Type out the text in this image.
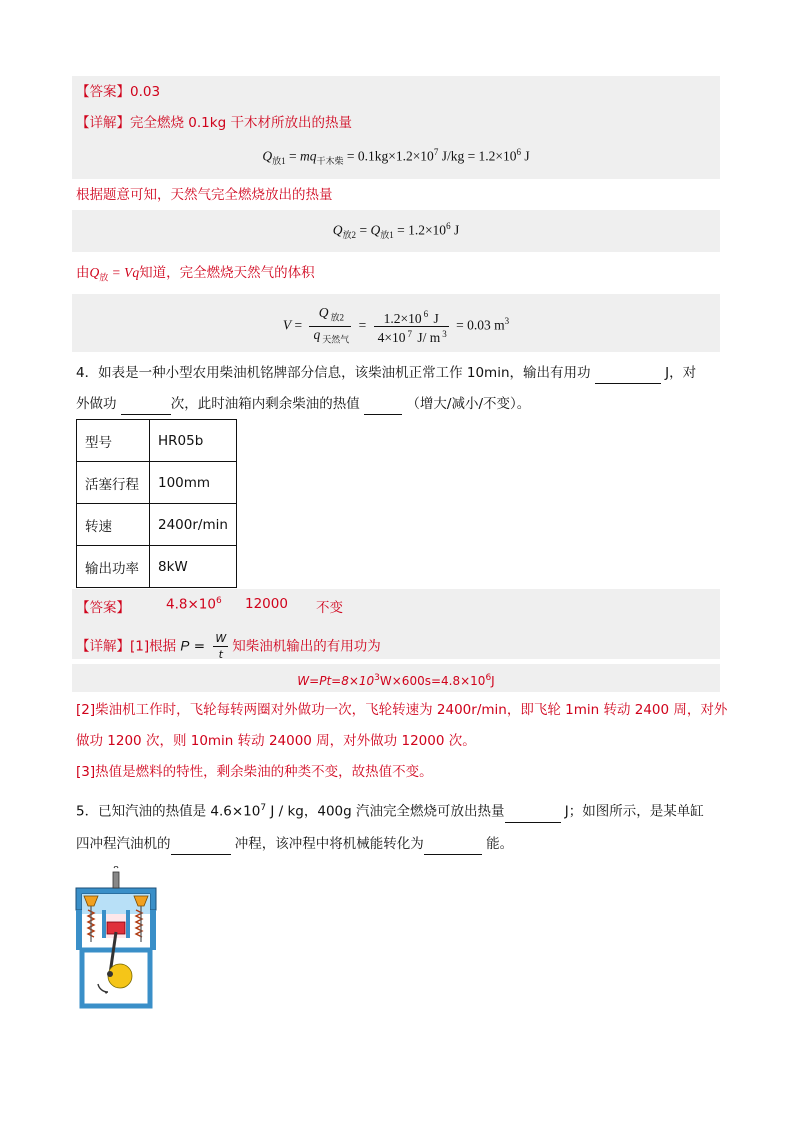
【答案】0.03
【详解】完全燃烧 0.1kg 干木材所放出的热量
$Q_{放1} = mq_{干木柴} = 0.1kg\times 1.2\times 10^7$ $J/kg = 1.2\times 10^6$ J
根据题意可知，天然气完全燃烧放出的热量
$Q_{放2} = Q_{放1} = 1.2\times 10^6$ J
由$Q_放 = Vq$知道，完全燃烧天然气的体积
$V = \frac{Q _{放2}}{q _{天然气}} = \frac{1.2\times 10 ^6 J}{4\times 10 ^7 J/ m ^3} = 0.03$ $m^3$
4．如表是一种小型农用柴油机铭牌部分信息，该柴油机正常工作 10min，输出有用功	J，对
外做功	次，此时油箱内剩余柴油的热值	（增大/减小/不变）。
型号	HR05b
活塞行程	100mm
转速	2400r/min
输出功率	8kW
【答案】	$4.8\times 10^6$ 12000 不变
【详解】[1]根据 $P = \frac{W}{t}$ 知柴油机输出的有用功为
$W=Pt=8\times 10^3W\times 600s=4.8\times 10^6J$
[2]柴油机工作时，飞轮每转两圈对外做功一次，飞轮转速为 2400r/min，即飞轮 1min 转动 2400 周，对外
做功 1200 次，则 10min 转动 24000 周，对外做功 12000 次。
[3]热值是燃料的特性，剩余柴油的种类不变，故热值不变。
5．已知汽油的热值是 $4.6\times 10^7$ J / kg，400g 汽油完全燃烧可放出热量	J；如图所示，是某单缸
四冲程汽油机的	冲程，该冲程中将机械能转化为	能。
